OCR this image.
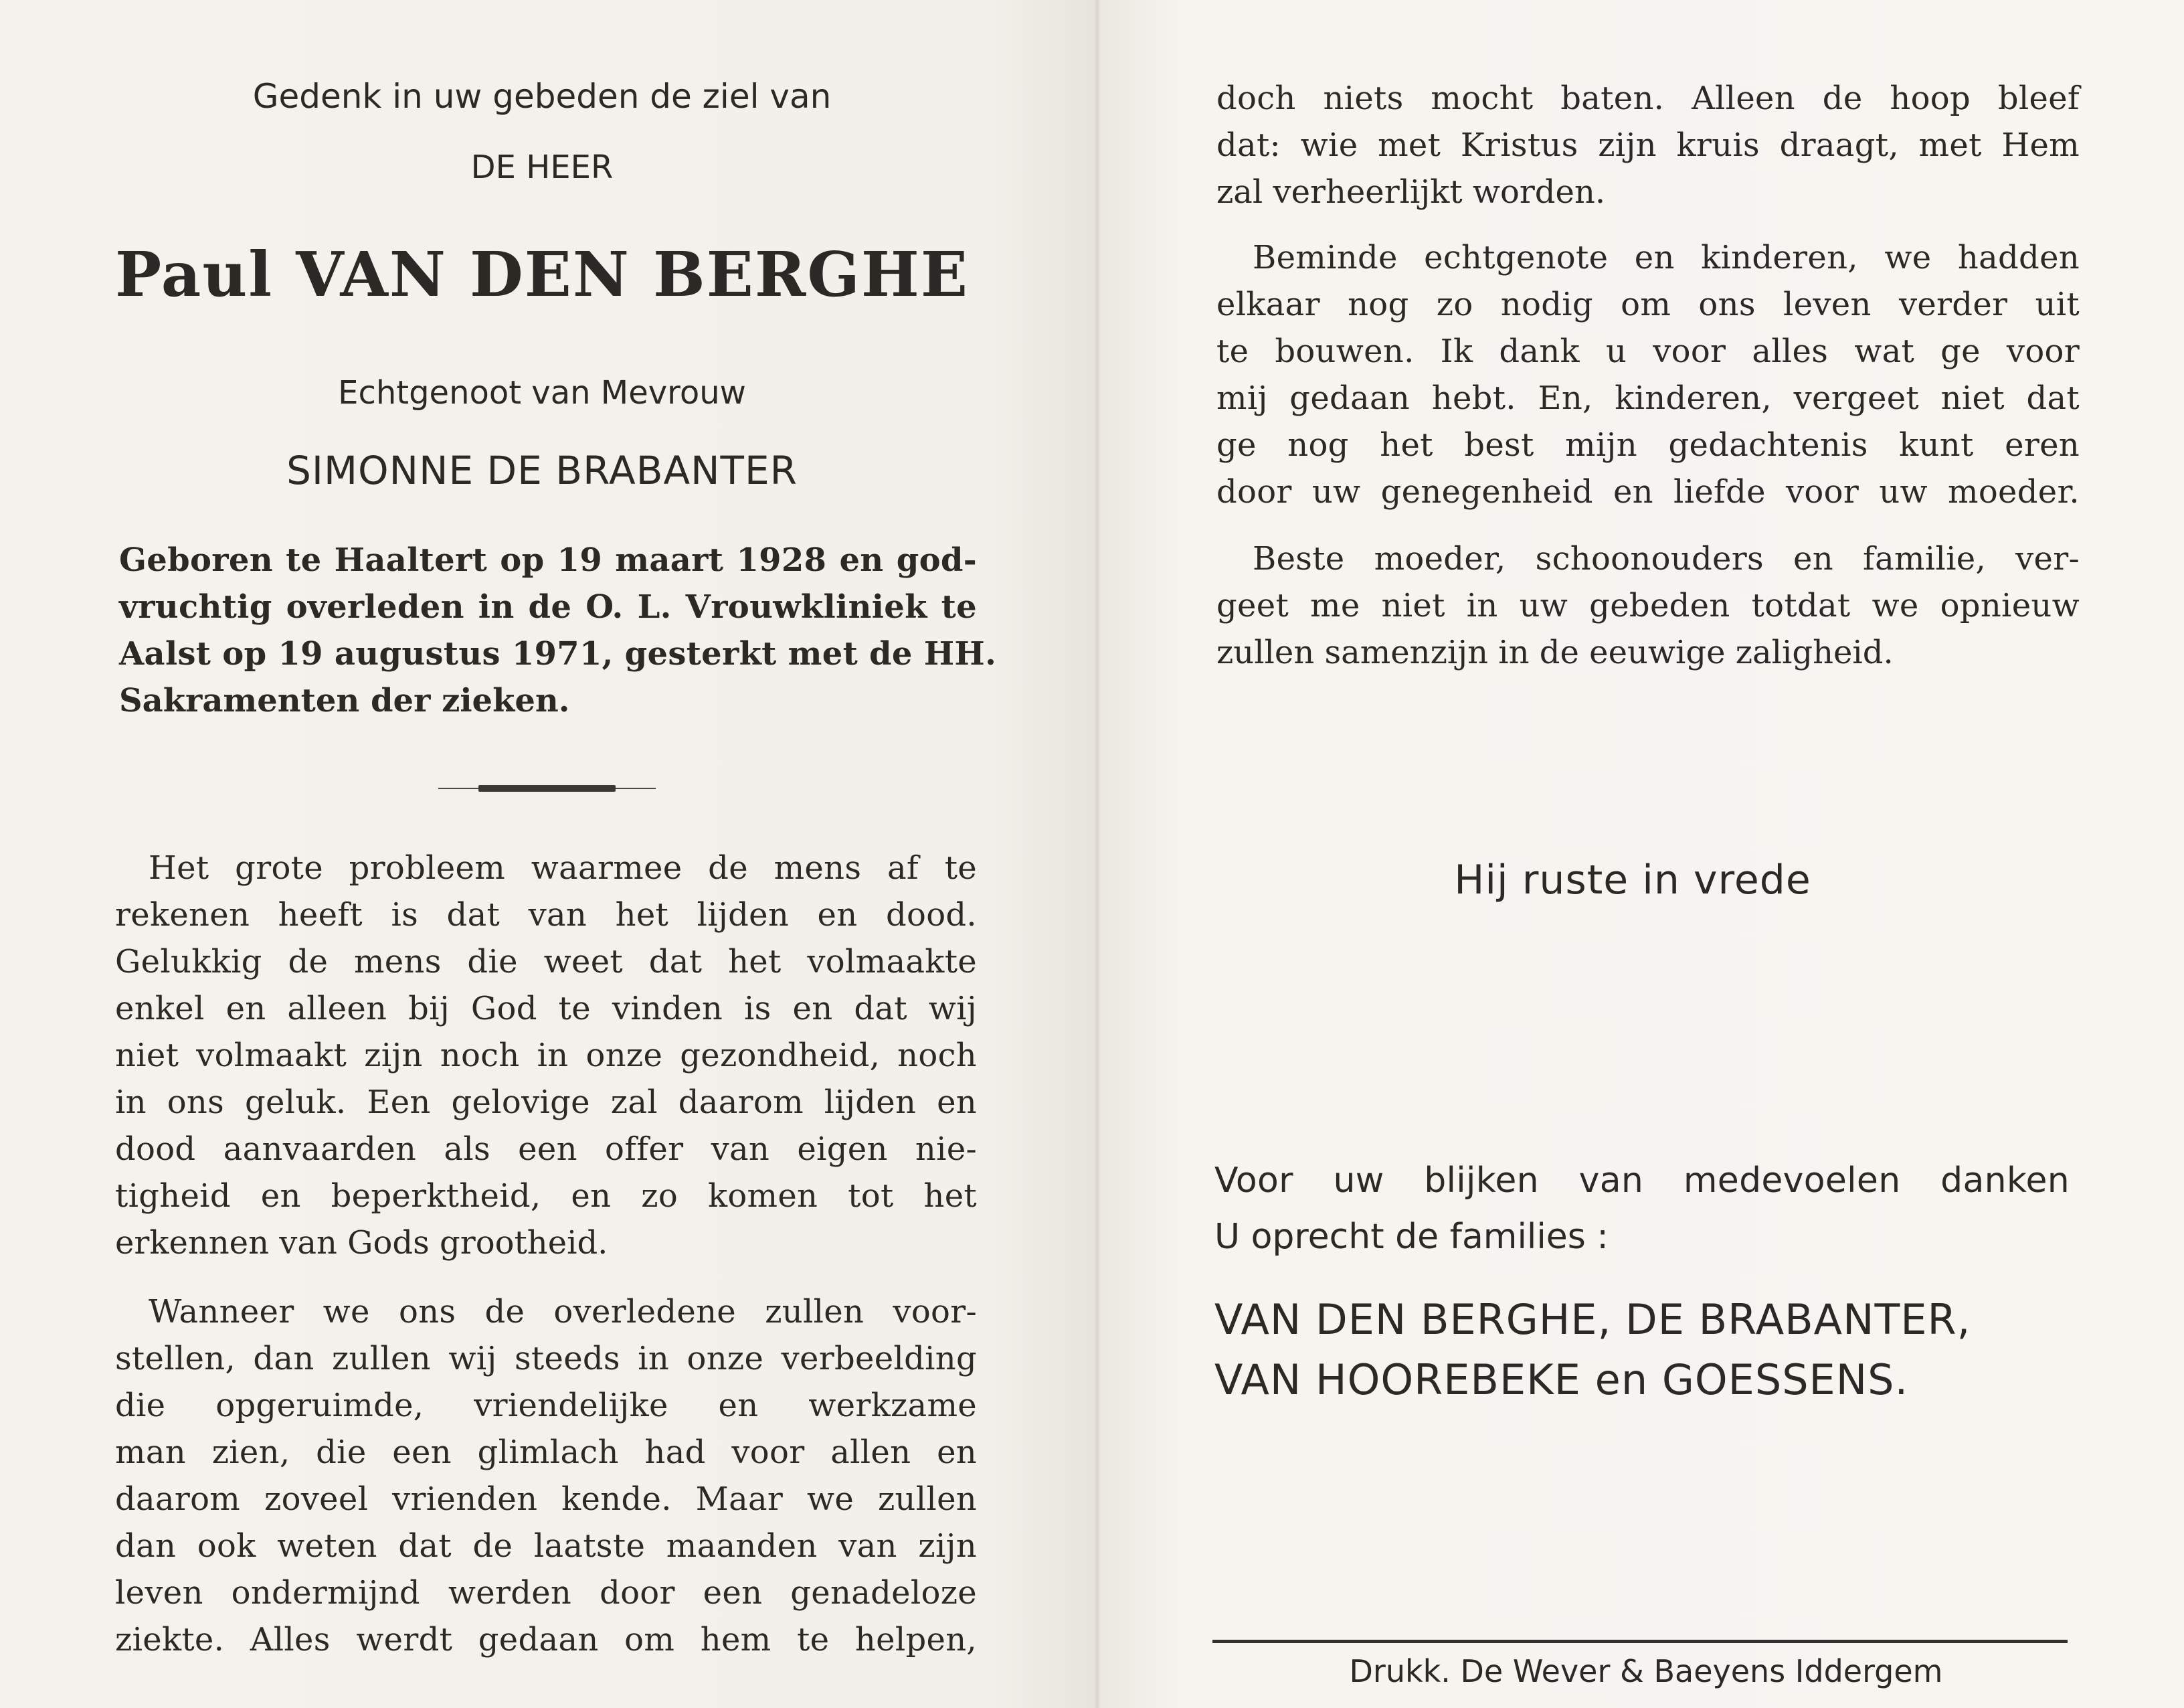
Gedenk in uw gebeden de ziel van
DE HEER
Paul VAN DEN BERGHE
Echtgenoot van Mevrouw
SIMONNE DE BRABANTER
Geboren te Haaltert op 19 maart 1928 en god-
vruchtig overleden in de O. L. Vrouwkliniek te
Aalst op 19 augustus 1971, gesterkt met de HH.
Sakramenten der zieken.
Het grote probleem waarmee de mens af te
rekenen heeft is dat van het lijden en dood.
Gelukkig de mens die weet dat het volmaakte
enkel en alleen bij God te vinden is en dat wij
niet volmaakt zijn noch in onze gezondheid, noch
in ons geluk. Een gelovige zal daarom lijden en
dood aanvaarden als een offer van eigen nie-
tigheid en beperktheid, en zo komen tot het
erkennen van Gods grootheid.
Wanneer we ons de overledene zullen voor-
stellen, dan zullen wij steeds in onze verbeelding
die opgeruimde, vriendelijke en werkzame
man zien, die een glimlach had voor allen en
daarom zoveel vrienden kende. Maar we zullen
dan ook weten dat de laatste maanden van zijn
leven ondermijnd werden door een genadeloze
ziekte. Alles werdt gedaan om hem te helpen,
doch niets mocht baten. Alleen de hoop bleef
dat: wie met Kristus zijn kruis draagt, met Hem
zal verheerlijkt worden.
Beminde echtgenote en kinderen, we hadden
elkaar nog zo nodig om ons leven verder uit
te bouwen. Ik dank u voor alles wat ge voor
mij gedaan hebt. En, kinderen, vergeet niet dat
ge nog het best mijn gedachtenis kunt eren
door uw genegenheid en liefde voor uw moeder.
Beste moeder, schoonouders en familie, ver-
geet me niet in uw gebeden totdat we opnieuw
zullen samenzijn in de eeuwige zaligheid.
Hij ruste in vrede
Voor uw blijken van medevoelen danken
U oprecht de families :
VAN DEN BERGHE, DE BRABANTER,
VAN HOOREBEKE en GOESSENS.
Drukk. De Wever & Baeyens Iddergem
